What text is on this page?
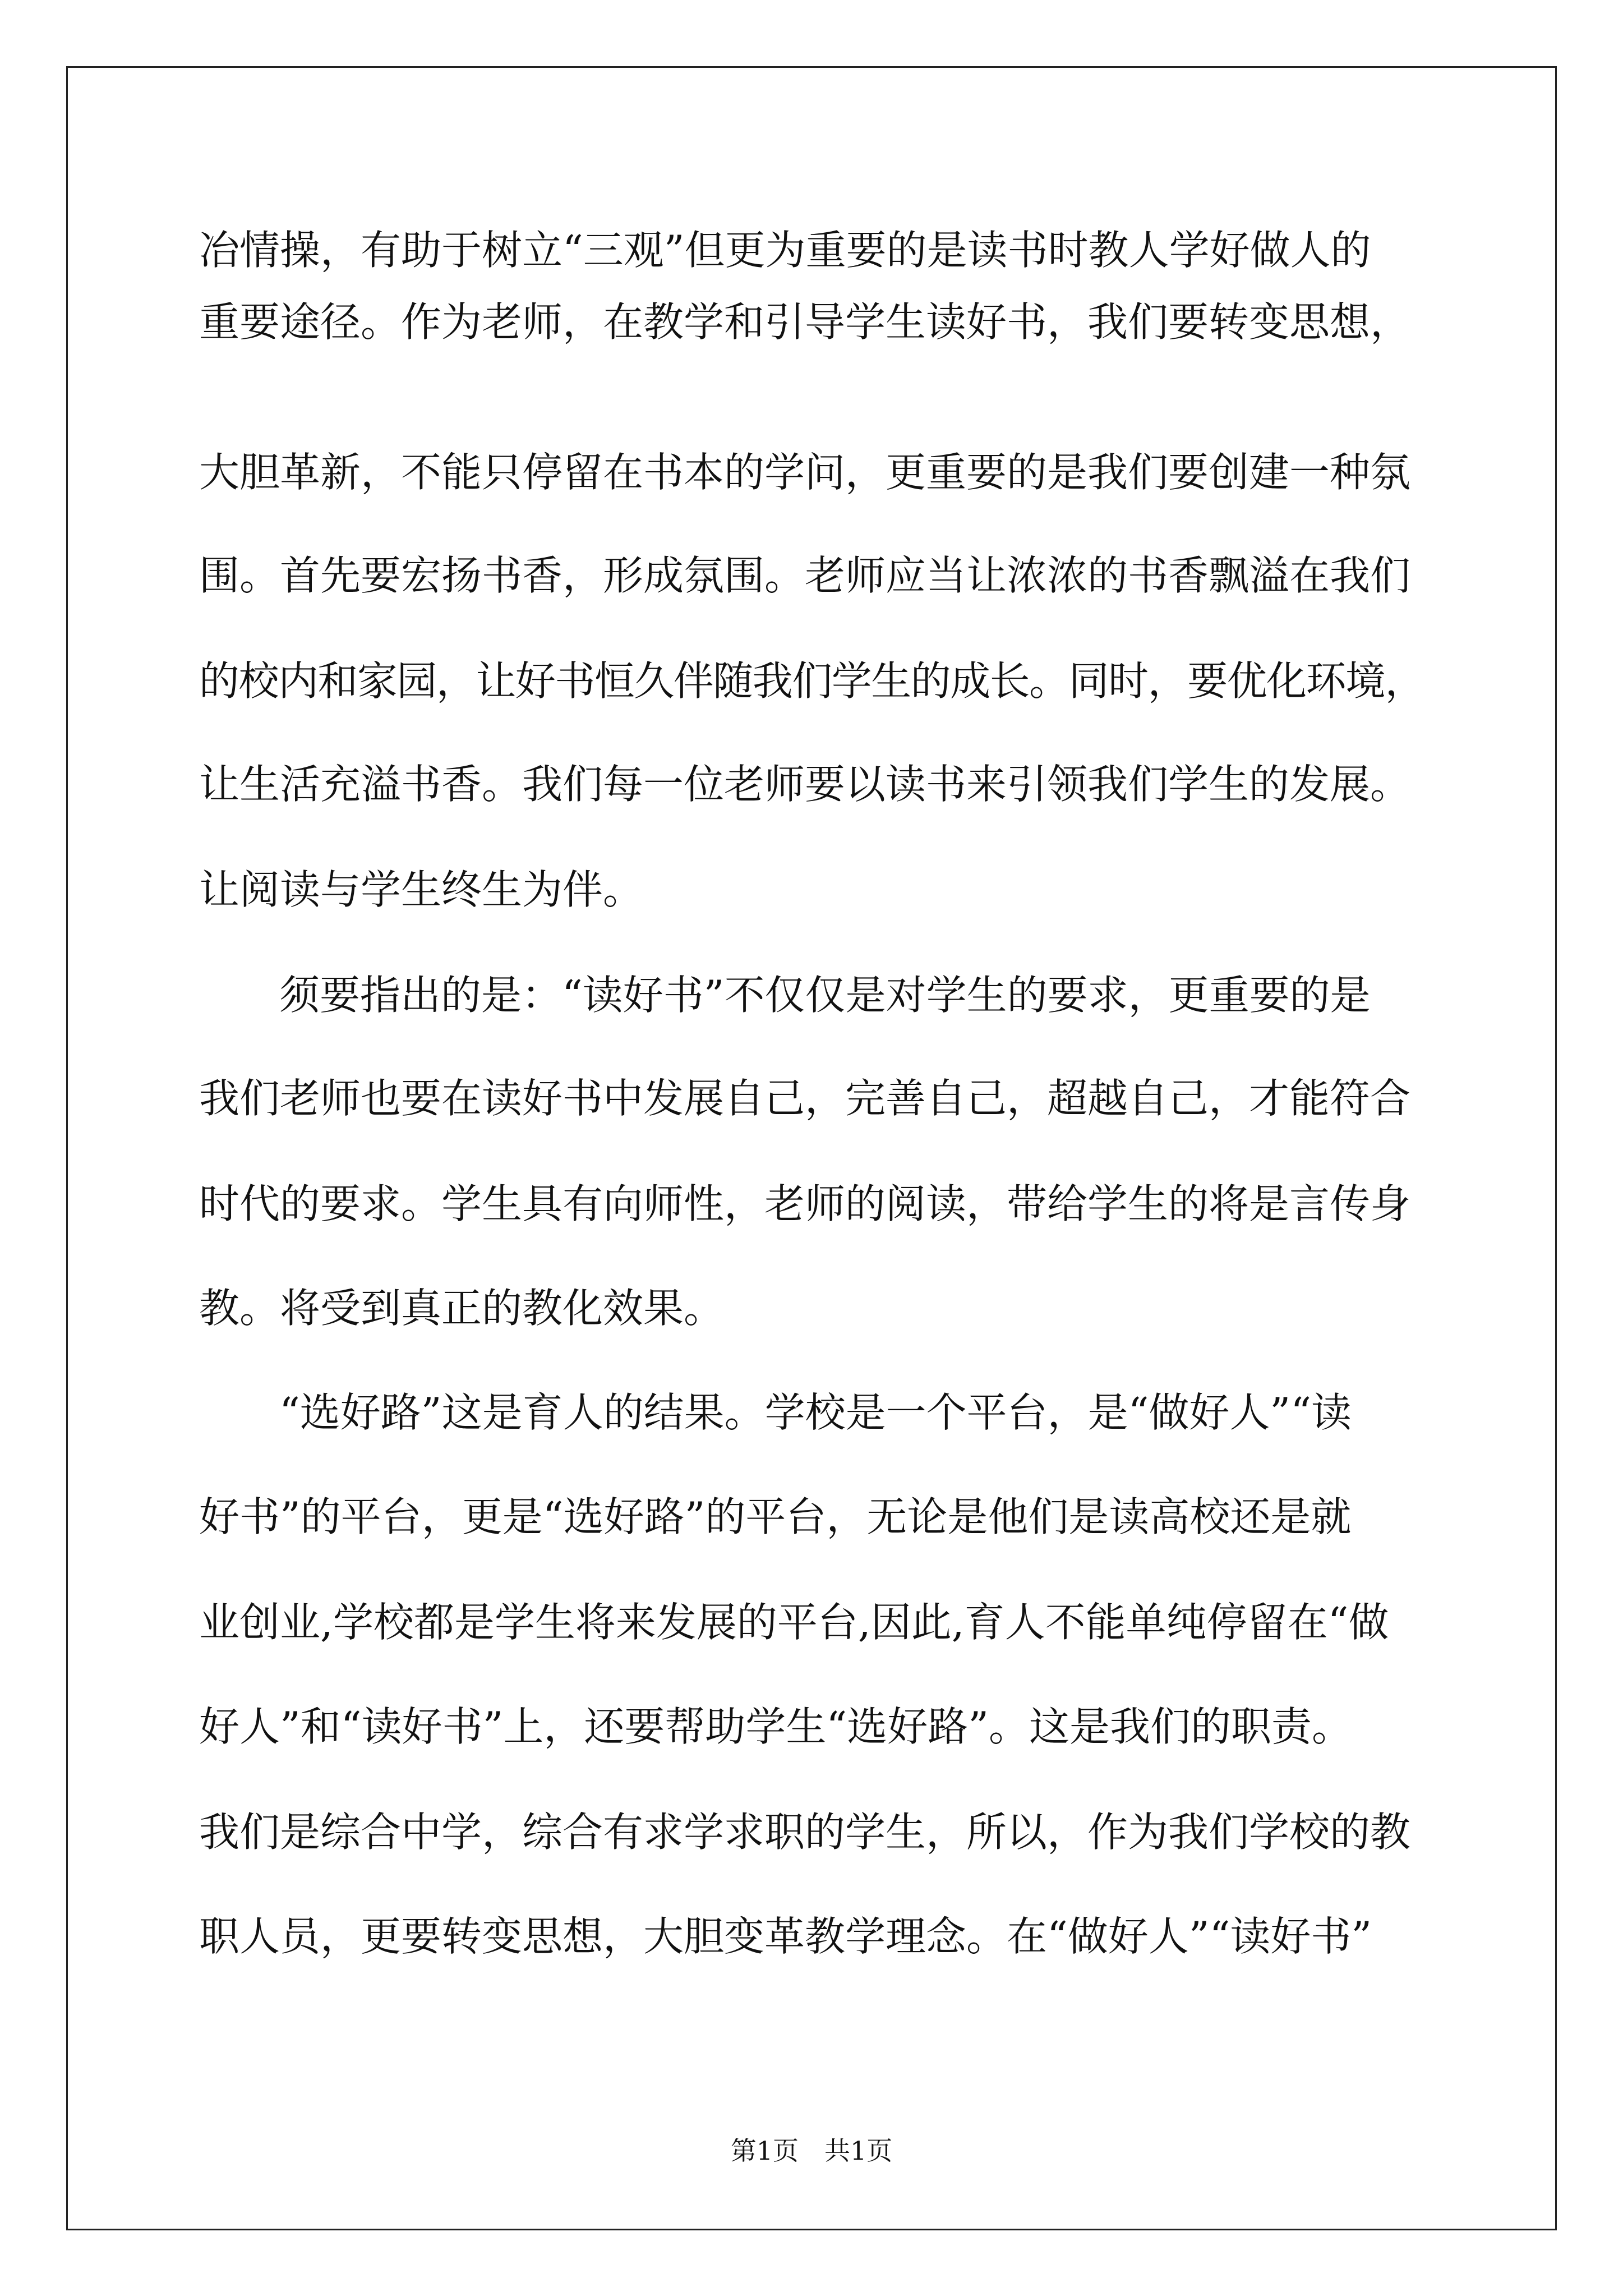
冶情操，有助于树立“三观”但更为重要的是读书时教人学好做人的
重要途径。作为老师，在教学和引导学生读好书，我们要转变思想，
大胆革新，不能只停留在书本的学问，更重要的是我们要创建一种氛
围。首先要宏扬书香，形成氛围。老师应当让浓浓的书香飘溢在我们
的校内和家园，让好书恒久伴随我们学生的成长。同时，要优化环境，
让生活充溢书香。我们每一位老师要以读书来引领我们学生的发展。
让阅读与学生终生为伴。
须要指出的是：“读好书”不仅仅是对学生的要求，更重要的是
我们老师也要在读好书中发展自己，完善自己，超越自己，才能符合
时代的要求。学生具有向师性，老师的阅读，带给学生的将是言传身
教。将受到真正的教化效果。
“选好路”这是育人的结果。学校是一个平台，是“做好人”“读
好书”的平台，更是“选好路”的平台，无论是他们是读高校还是就
业创业,学校都是学生将来发展的平台,因此,育人不能单纯停留在“做
好人”和“读好书”上，还要帮助学生“选好路”。这是我们的职责。
我们是综合中学，综合有求学求职的学生，所以，作为我们学校的教
职人员，更要转变思想，大胆变革教学理念。在“做好人”“读好书”
第1页　共1页
